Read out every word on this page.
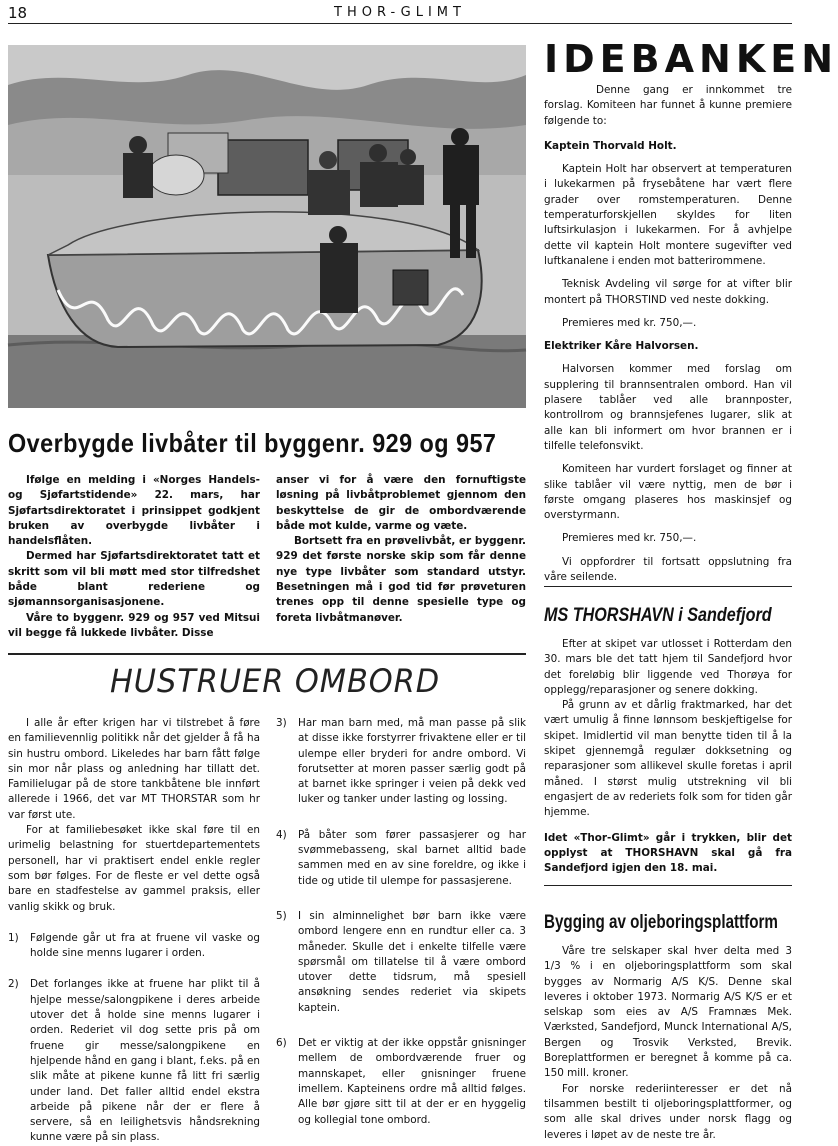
18	THOR-GLIMT
IDEBANKEN

Denne gang er innkommet tre forslag. Komiteen har funnet å kunne premiere følgende to:

Kaptein Thorvald Holt.

Kaptein Holt har observert at temperaturen i lukekarmen på frysebåtene har vært flere grader over romstemperaturen. Denne temperaturforskjellen skyldes for liten luftsirkulasjon i lukekarmen. For å avhjelpe dette vil kaptein Holt montere sugevifter ved luftkanalene i enden mot batterirommene.

Teknisk Avdeling vil sørge for at vifter blir montert på THORSTIND ved neste dokking.

Premieres med kr. 750,—.

Elektriker Kåre Halvorsen.

Halvorsen kommer med forslag om supplering til brannsentralen ombord. Han vil plasere tablåer ved alle brannposter, kontrollrom og brannsjefenes lugarer, slik at alle kan bli informert om hvor brannen er i tilfelle telefonsvikt.

Komiteen har vurdert forslaget og finner at slike tablåer vil være nyttig, men de bør i første omgang plaseres hos maskinsjef og overstyrmann.

Premieres med kr. 750,—.

Vi oppfordrer til fortsatt oppslutning fra våre seilende.

MS THORSHAVN i Sandefjord

Efter at skipet var utlosset i Rotterdam den 30. mars ble det tatt hjem til Sandefjord hvor det foreløbig blir liggende ved Thorøya for opplegg/reparasjoner og senere dokking.

På grunn av et dårlig fraktmarked, har det vært umulig å finne lønnsom beskjeftigelse for skipet. Imidlertid vil man benytte tiden til å la skipet gjennemgå regulær dokksetning og reparasjoner som allikevel skulle foretas i april måned. I størst mulig utstrekning vil bli engasjert de av rederiets folk som for tiden går hjemme.

Idet «Thor-Glimt» går i trykken, blir det opplyst at THORSHAVN skal gå fra Sandefjord igjen den 18. mai.

Bygging av oljeboringsplattform

Våre tre selskaper skal hver delta med 3 1/3 % i en oljeboringsplattform som skal bygges av Normarig A/S K/S. Denne skal leveres i oktober 1973. Normarig A/S K/S er et selskap som eies av A/S Framnæs Mek. Værksted, Sandefjord, Munck International A/S, Bergen og Trosvik Verksted, Brevik. Boreplattformen er beregnet å komme på ca. 150 mill. kroner.

For norske rederiinteresser er det nå tilsammen bestilt ti oljeboringsplattformer, og som alle skal drives under norsk flagg og leveres i løpet av de neste tre år.

Overbygde livbåter til byggenr. 929 og 957

Ifølge en melding i «Norges Handels- og Sjøfartstidende» 22. mars, har Sjøfartsdirektoratet i prinsippet godkjent bruken av overbygde livbåter i handelsflåten.

Dermed har Sjøfartsdirektoratet tatt et skritt som vil bli møtt med stor tilfredshet både blant rederiene og sjømannsorganisasjonene.

Våre to byggenr. 929 og 957 ved Mitsui vil begge få lukkede livbåter. Disse

anser vi for å være den fornuftigste løsning på livbåtproblemet gjennom den beskyttelse de gir de ombordværende både mot kulde, varme og væte.

Bortsett fra en prøvelivbåt, er byggenr. 929 det første norske skip som får denne nye type livbåter som standard utstyr. Besetningen må i god tid før prøveturen trenes opp til denne spesielle type og foreta livbåtmanøver.

HUSTRUER OMBORD

I alle år efter krigen har vi tilstrebet å føre en familievennlig politikk når det gjelder å få ha sin hustru ombord. Likeledes har barn fått følge sin mor når plass og anledning har tillatt det. Familielugar på de store tankbåtene ble innført allerede i 1966, det var MT THORSTAR som hr var først ute.

For at familiebesøket ikke skal føre til en urimelig belastning for stuertdepartementets personell, har vi praktisert endel enkle regler som bør følges. For de fleste er vel dette også bare en stadfestelse av gammel praksis, eller vanlig skikk og bruk.

1)	Følgende går ut fra at fruene vil vaske og holde sine menns lugarer i orden.
2)	Det forlanges ikke at fruene har plikt til å hjelpe messe/salongpikene i deres arbeide utover det å holde sine menns lugarer i orden. Rederiet vil dog sette pris på om fruene gir messe/salongpikene en hjelpende hånd en gang i blant, f.eks. på en slik måte at pikene kunne få litt fri særlig under land. Det faller alltid endel ekstra arbeide på pikene når der er flere å servere, så en leilighetsvis håndsrekning kunne være på sin plass.
3)	Har man barn med, må man passe på slik at disse ikke forstyrrer frivaktene eller er til ulempe eller bryderi for andre ombord. Vi forutsetter at moren passer særlig godt på at barnet ikke springer i veien på dekk ved luker og tanker under lasting og lossing.
4)	På båter som fører passasjerer og har svømmebasseng, skal barnet alltid bade sammen med en av sine foreldre, og ikke i tide og utide til ulempe for passasjerene.
5)	I sin alminnelighet bør barn ikke være ombord lengere enn en rundtur eller ca. 3 måneder. Skulle det i enkelte tilfelle være spørsmål om tillatelse til å være ombord utover dette tidsrum, må spesiell ansøkning sendes rederiet via skipets kaptein.
6)	Det er viktig at der ikke oppstår gnisninger mellem de ombordværende fruer og mannskapet, eller gnisninger fruene imellem. Kapteinens ordre må alltid følges. Alle bør gjøre sitt til at der er en hyggelig og kollegial tone ombord.
